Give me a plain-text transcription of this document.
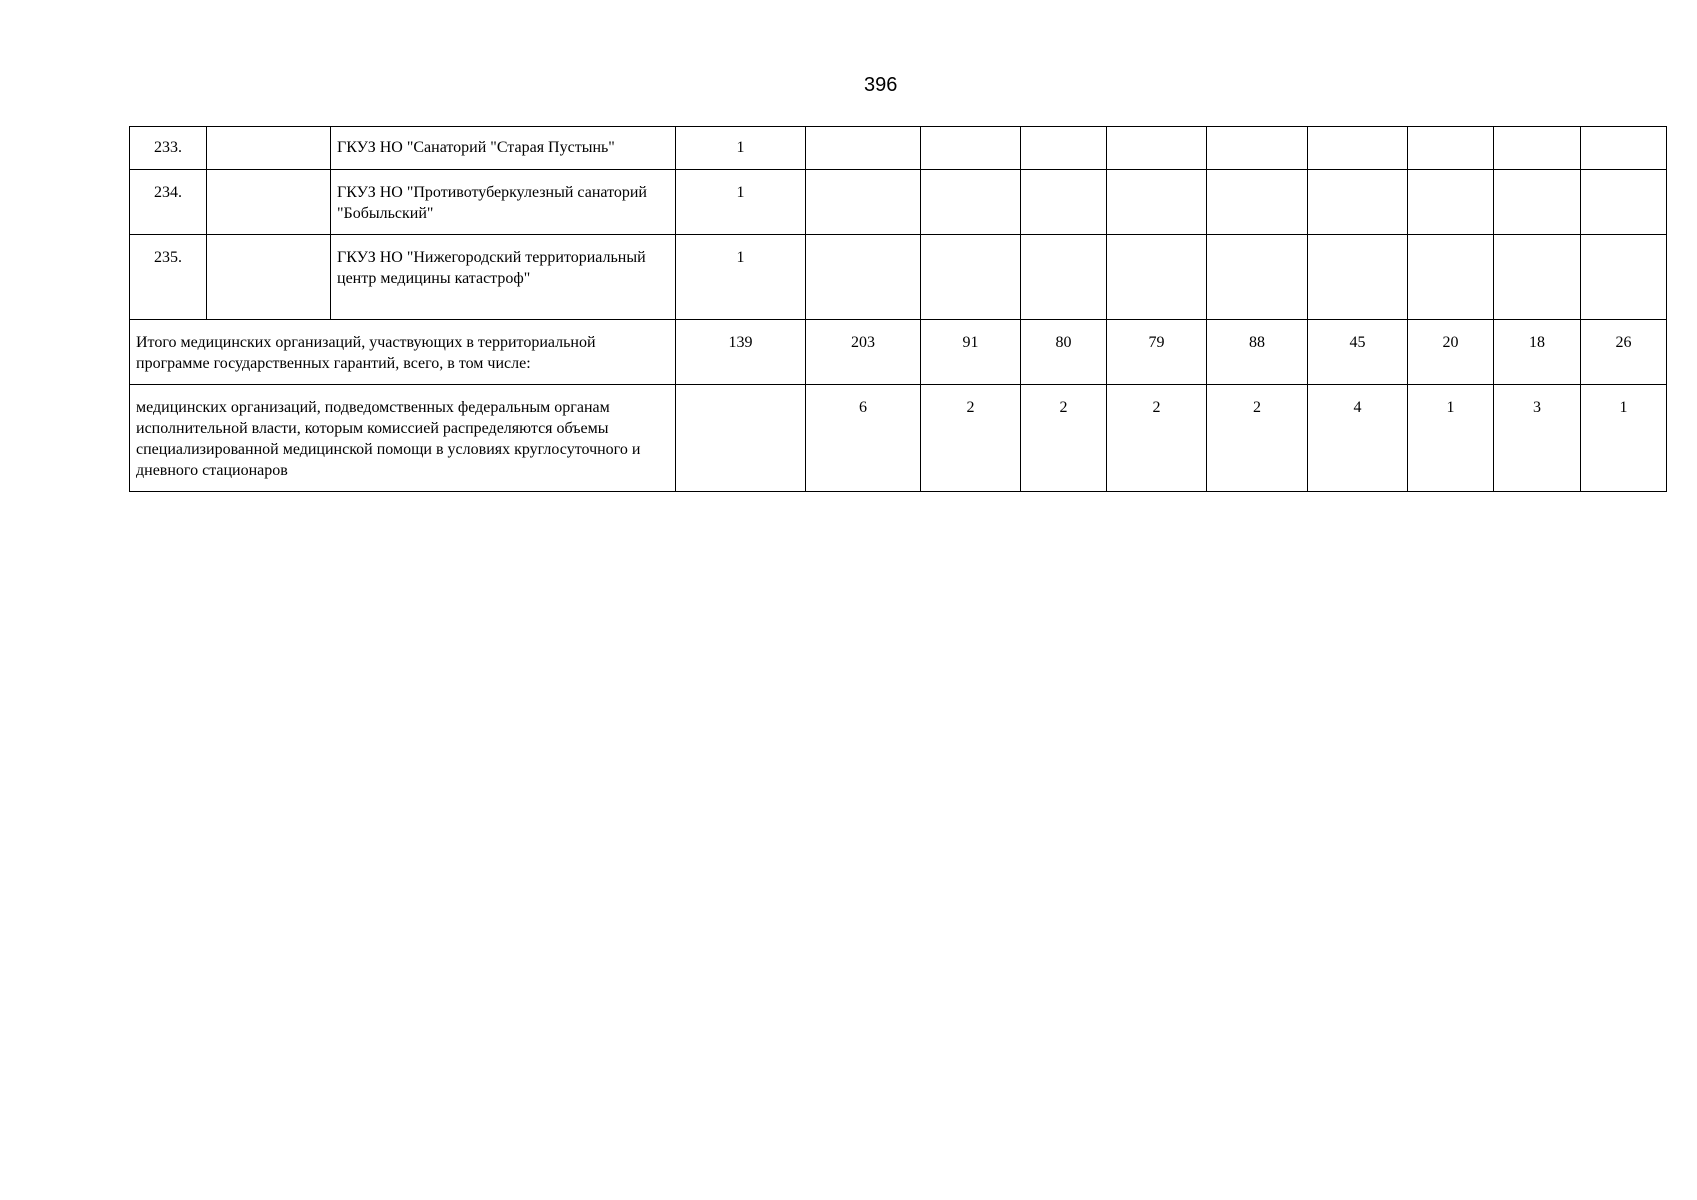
396
233.		ГКУЗ НО "Санаторий "Старая Пустынь"	1									
234.		ГКУЗ НО "Противотуберкулезный санаторий "Бобыльский"	1									
235.		ГКУЗ НО "Нижегородский территориальный центр медицины катастроф"	1									
Итого медицинских организаций, участвующих в территориальной программе государственных гарантий, всего, в том числе:			139	203	91	80	79	88	45	20	18	26
медицинских организаций, подведомственных федеральным органам исполнительной власти, которым комиссией распределяются объемы специализированной медицинской помощи в условиях круглосуточного и дневного стационаров				6	2	2	2	2	4	1	3	1
